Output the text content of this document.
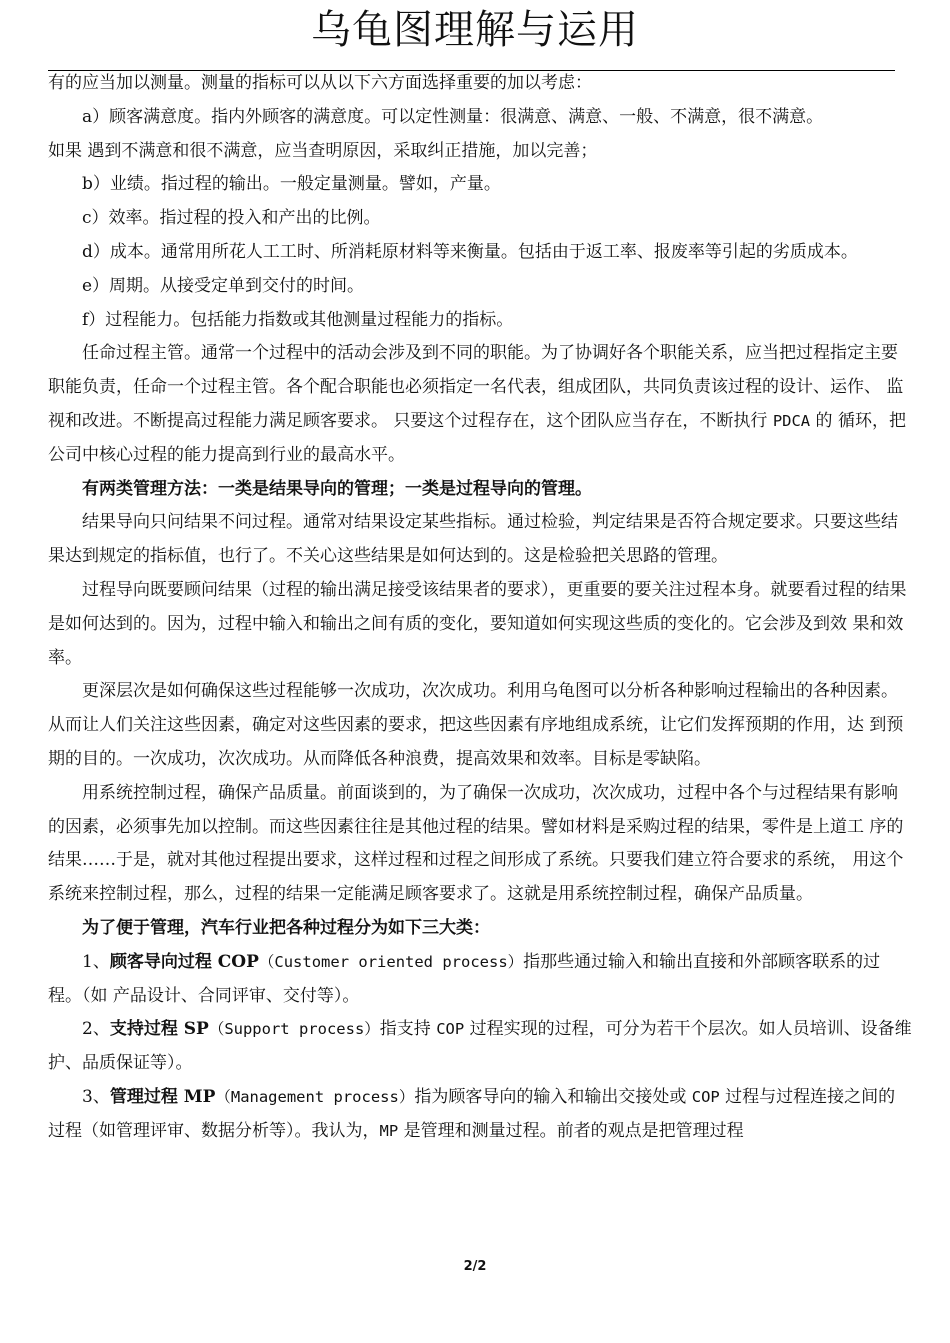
乌龟图理解与运用

有的应当加以测量。测量的指标可以从以下六方面选择重要的加以考虑：

a）顾客满意度。指内外顾客的满意度。可以定性测量：很满意、满意、一般、不满意，很不满意。

如果 遇到不满意和很不满意，应当查明原因，采取纠正措施，加以完善；

b）业绩。指过程的输出。一般定量测量。譬如，产量。

c）效率。指过程的投入和产出的比例。

d）成本。通常用所花人工工时、所消耗原材料等来衡量。包括由于返工率、报废率等引起的劣质成本。

e）周期。从接受定单到交付的时间。

f）过程能力。包括能力指数或其他测量过程能力的指标。

任命过程主管。通常一个过程中的活动会涉及到不同的职能。为了协调好各个职能关系，应当把过程指定主要 职能负责，任命一个过程主管。各个配合职能也必须指定一名代表，组成团队，共同负责该过程的设计、运作、 监视和改进。不断提高过程能力满足顾客要求。 只要这个过程存在，这个团队应当存在，不断执行 PDCA 的 循环，把公司中核心过程的能力提高到行业的最高水平。

有两类管理方法：一类是结果导向的管理；一类是过程导向的管理。

结果导向只问结果不问过程。通常对结果设定某些指标。通过检验，判定结果是否符合规定要求。只要这些结 果达到规定的指标值，也行了。不关心这些结果是如何达到的。这是检验把关思路的管理。

过程导向既要顾问结果（过程的输出满足接受该结果者的要求），更重要的要关注过程本身。就要看过程的结果是如何达到的。因为，过程中输入和输出之间有质的变化，要知道如何实现这些质的变化的。它会涉及到效 果和效率。

更深层次是如何确保这些过程能够一次成功，次次成功。利用乌龟图可以分析各种影响过程输出的各种因素。 从而让人们关注这些因素，确定对这些因素的要求，把这些因素有序地组成系统，让它们发挥预期的作用，达 到预期的目的。一次成功，次次成功。从而降低各种浪费，提高效果和效率。目标是零缺陷。

用系统控制过程，确保产品质量。前面谈到的，为了确保一次成功，次次成功，过程中各个与过程结果有影响 的因素，必须事先加以控制。而这些因素往往是其他过程的结果。譬如材料是采购过程的结果，零件是上道工 序的结果……于是，就对其他过程提出要求，这样过程和过程之间形成了系统。只要我们建立符合要求的系统， 用这个系统来控制过程，那么，过程的结果一定能满足顾客要求了。这就是用系统控制过程，确保产品质量。

为了便于管理，汽车行业把各种过程分为如下三大类：

1、顾客导向过程 COP（Customer oriented process）指那些通过输入和输出直接和外部顾客联系的过程。（如 产品设计、合同评审、交付等）。

2、支持过程 SP（Support process）指支持 COP 过程实现的过程，可分为若干个层次。如人员培训、设备维 护、品质保证等）。

3、管理过程 MP（Management process）指为顾客导向的输入和输出交接处或 COP 过程与过程连接之间的 过程（如管理评审、数据分析等）。我认为，MP 是管理和测量过程。前者的观点是把管理过程

2/2
